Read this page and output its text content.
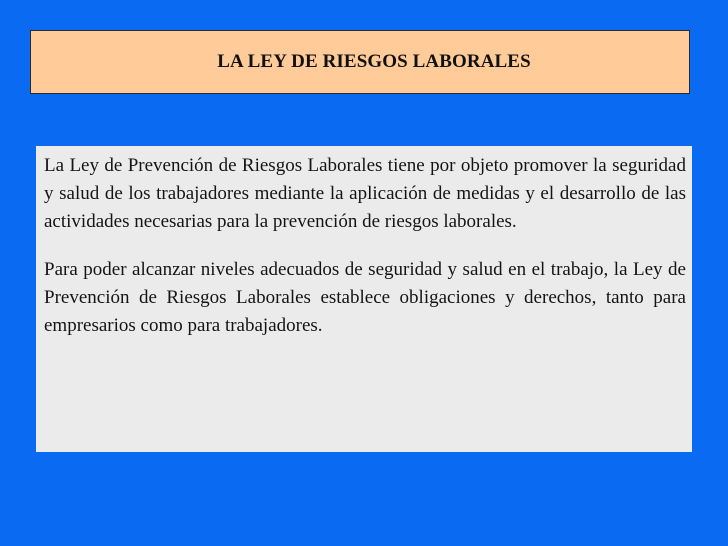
LA LEY DE RIESGOS LABORALES

La Ley de Prevención de Riesgos Laborales tiene por objeto promover la seguridad y salud de los trabajadores mediante la aplicación de medidas y el desarrollo de las actividades necesarias para la prevención de riesgos laborales.

Para poder alcanzar niveles adecuados de seguridad y salud en el trabajo, la Ley de Prevención de Riesgos Laborales establece obligaciones y derechos, tanto para empresarios como para trabajadores.
